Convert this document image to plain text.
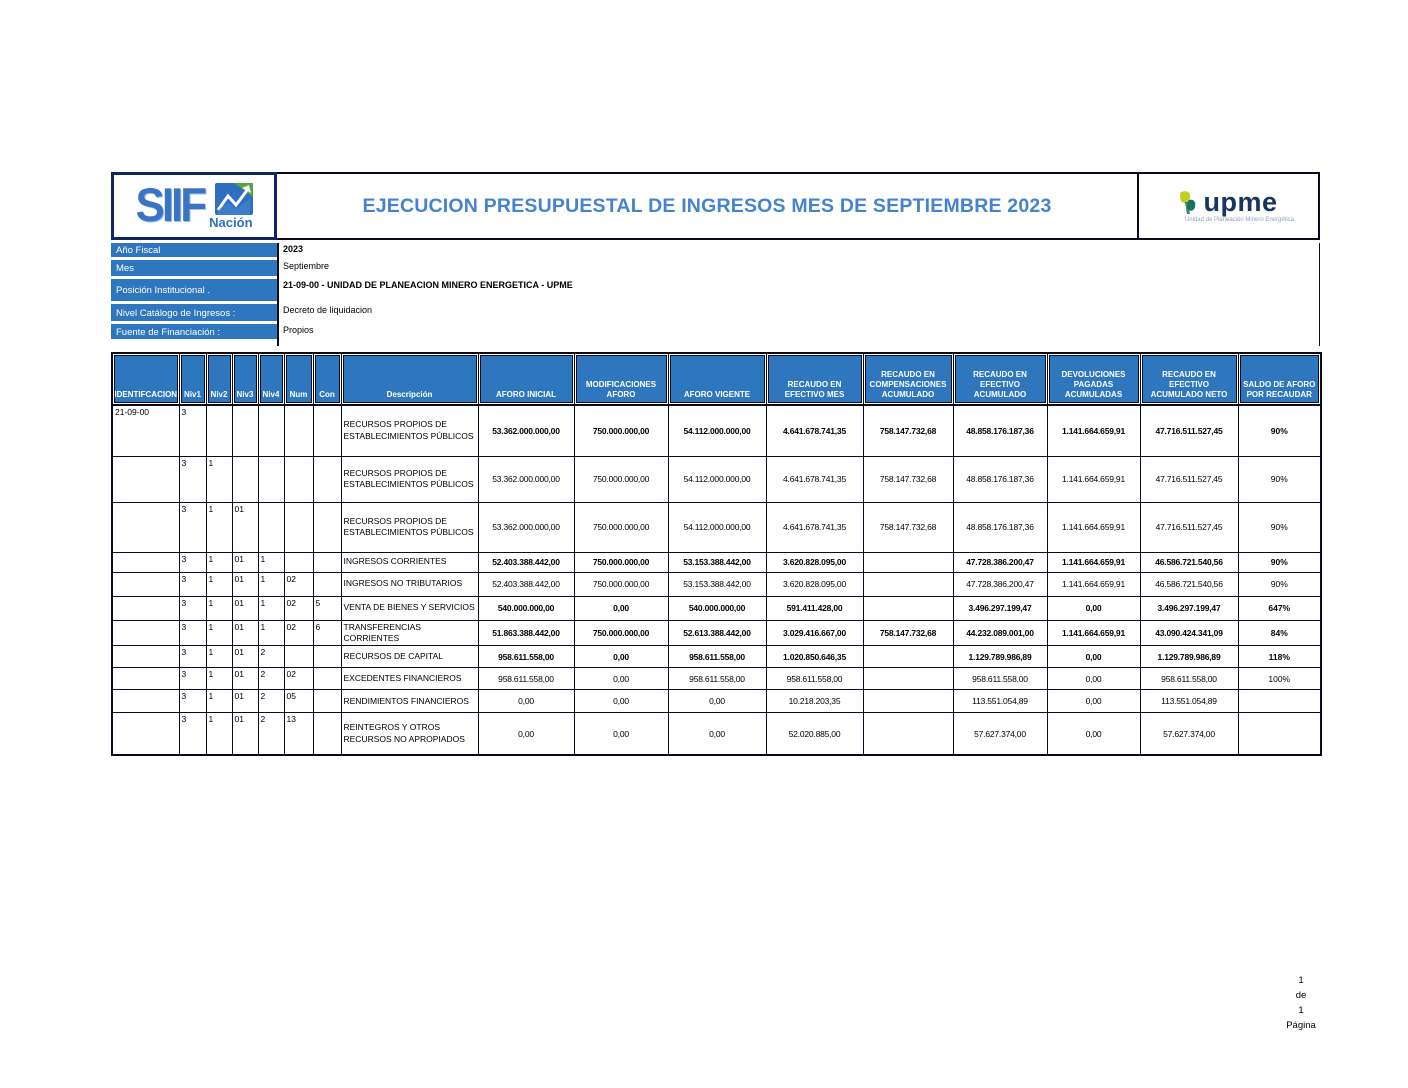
SIIF Nación
EJECUCION PRESUPUESTAL DE INGRESOS MES DE SEPTIEMBRE 2023	upme
Unidad de Planeación Minero Energética
Año Fiscal	2023
Mes	Septiembre
Posición Institucional .	21-09-00 - UNIDAD DE PLANEACION MINERO ENERGETICA - UPME
Nivel Catálogo de Ingresos :	Decreto de liquidacion
Fuente de Financiación :	Propios
IDENTIFCACION	Niv1	Niv2	Niv3	Niv4	Num	Con	Descripción	AFORO INICIAL	MODIFICACIONES AFORO	AFORO VIGENTE	RECAUDO EN EFECTIVO MES	RECAUDO EN COMPENSACIONES ACUMULADO	RECAUDO EN EFECTIVO ACUMULADO	DEVOLUCIONES PAGADAS ACUMULADAS	RECAUDO EN EFECTIVO ACUMULADO NETO	SALDO DE AFORO POR RECAUDAR

21-09-00	3						RECURSOS PROPIOS DE ESTABLECIMIENTOS PÚBLICOS	53.362.000.000,00	750.000.000,00	54.112.000.000,00	4.641.678.741,35	758.147.732,68	48.858.176.187,36	1.141.664.659,91	47.716.511.527,45	90%
	3	1					RECURSOS PROPIOS DE ESTABLECIMIENTOS PÚBLICOS	53.362.000.000,00	750.000.000,00	54.112.000.000,00	4.641.678.741,35	758.147.732,68	48.858.176.187,36	1.141.664.659,91	47.716.511.527,45	90%
	3	1	01				RECURSOS PROPIOS DE ESTABLECIMIENTOS PÚBLICOS	53.362.000.000,00	750.000.000,00	54.112.000.000,00	4.641.678.741,35	758.147.732,68	48.858.176.187,36	1.141.664.659,91	47.716.511.527,45	90%
	3	1	01	1			INGRESOS CORRIENTES	52.403.388.442,00	750.000.000,00	53.153.388.442,00	3.620.828.095,00		47.728.386.200,47	1.141.664.659,91	46.586.721.540,56	90%
	3	1	01	1	02		INGRESOS NO TRIBUTARIOS	52.403.388.442,00	750.000.000,00	53.153.388.442,00	3.620.828.095,00		47.728.386.200,47	1.141.664.659,91	46.586.721.540,56	90%
	3	1	01	1	02	5	VENTA DE BIENES Y SERVICIOS	540.000.000,00	0,00	540.000.000,00	591.411.428,00		3.496.297.199,47	0,00	3.496.297.199,47	647%
	3	1	01	1	02	6	TRANSFERENCIAS CORRIENTES	51.863.388.442,00	750.000.000,00	52.613.388.442,00	3.029.416.667,00	758.147.732,68	44.232.089.001,00	1.141.664.659,91	43.090.424.341,09	84%
	3	1	01	2			RECURSOS DE CAPITAL	958.611.558,00	0,00	958.611.558,00	1.020.850.646,35		1.129.789.986,89	0,00	1.129.789.986,89	118%
	3	1	01	2	02		EXCEDENTES FINANCIEROS	958.611.558,00	0,00	958.611.558,00	958.611.558,00		958.611.558,00	0,00	958.611.558,00	100%
	3	1	01	2	05		RENDIMIENTOS FINANCIEROS	0,00	0,00	0,00	10.218.203,35		113.551.054,89	0,00	113.551.054,89	
	3	1	01	2	13		REINTEGROS Y OTROS RECURSOS NO APROPIADOS	0,00	0,00	0,00	52.020.885,00		57.627.374,00	0,00	57.627.374,00	
1
de
1
Página
